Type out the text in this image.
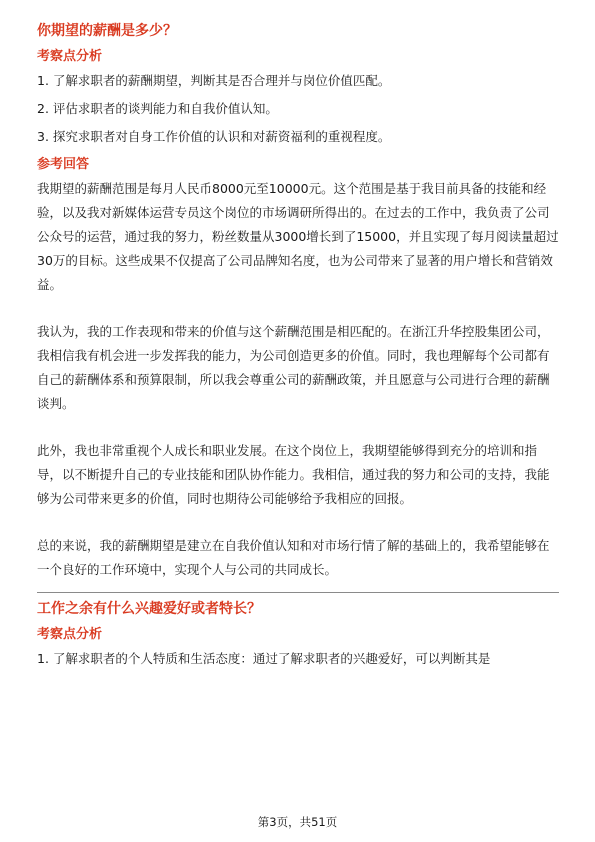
你期望的薪酬是多少？

考察点分析

1. 了解求职者的薪酬期望，判断其是否合理并与岗位价值匹配。
2. 评估求职者的谈判能力和自我价值认知。
3. 探究求职者对自身工作价值的认识和对薪资福利的重视程度。

参考回答

我期望的薪酬范围是每月人民币8000元至10000元。这个范围是基于我目前具备的技能和经验，以及我对新媒体运营专员这个岗位的市场调研所得出的。在过去的工作中，我负责了公司公众号的运营，通过我的努力，粉丝数量从3000增长到了15000，并且实现了每月阅读量超过30万的目标。这些成果不仅提高了公司品牌知名度，也为公司带来了显著的用户增长和营销效益。

我认为，我的工作表现和带来的价值与这个薪酬范围是相匹配的。在浙江升华控股集团公司，我相信我有机会进一步发挥我的能力，为公司创造更多的价值。同时，我也理解每个公司都有自己的薪酬体系和预算限制，所以我会尊重公司的薪酬政策，并且愿意与公司进行合理的薪酬谈判。

此外，我也非常重视个人成长和职业发展。在这个岗位上，我期望能够得到充分的培训和指导，以不断提升自己的专业技能和团队协作能力。我相信，通过我的努力和公司的支持，我能够为公司带来更多的价值，同时也期待公司能够给予我相应的回报。

总的来说，我的薪酬期望是建立在自我价值认知和对市场行情了解的基础上的，我希望能够在一个良好的工作环境中，实现个人与公司的共同成长。

工作之余有什么兴趣爱好或者特长？

考察点分析

1. 了解求职者的个人特质和生活态度：通过了解求职者的兴趣爱好，可以判断其是
第3页，共51页
